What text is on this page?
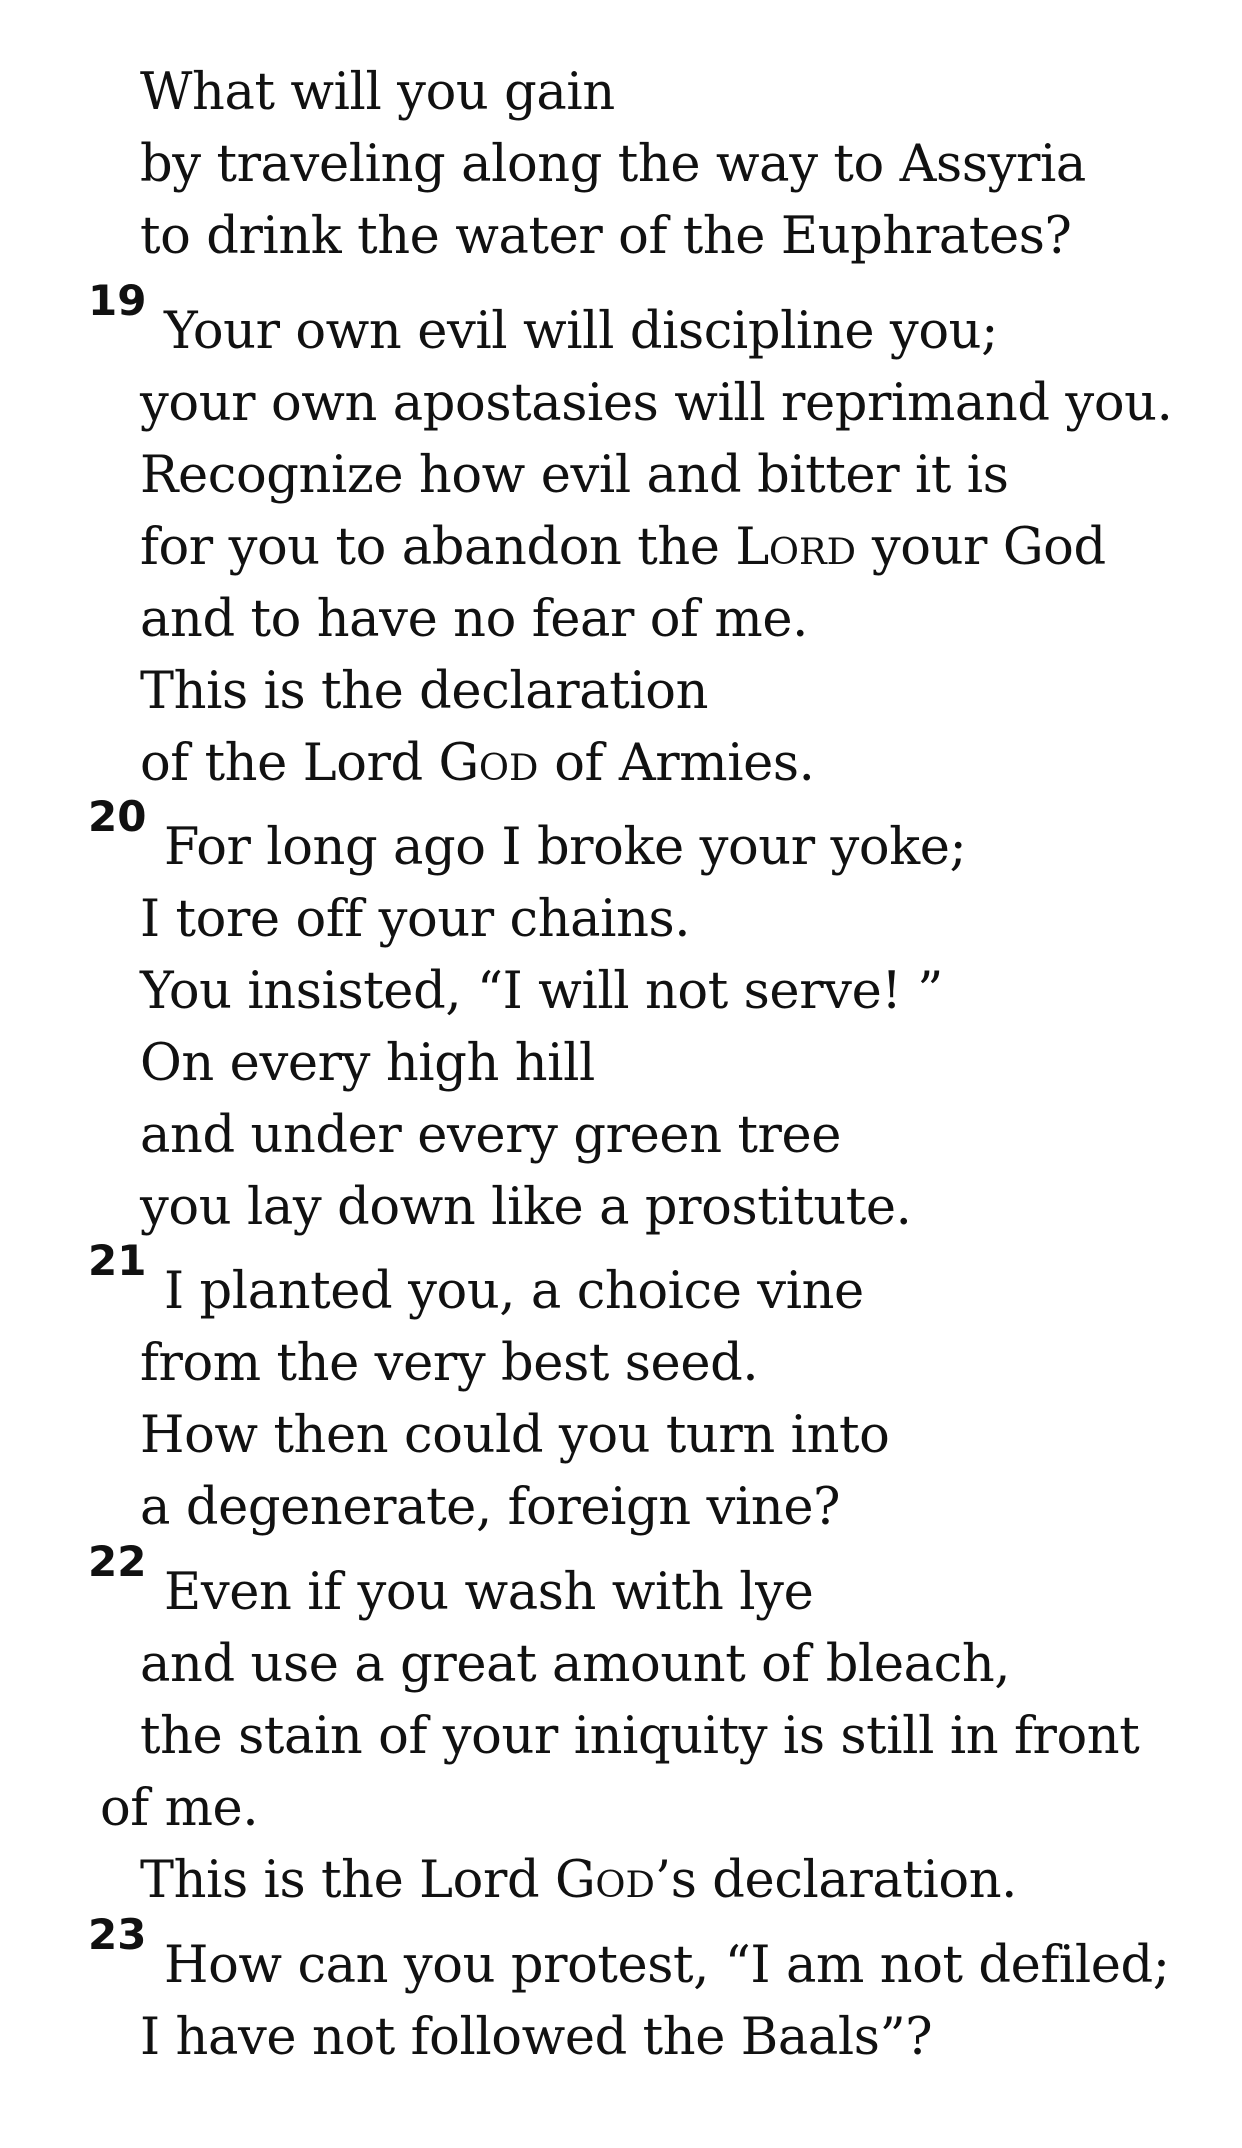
What will you gain
by traveling along the way to Assyria
to drink the water of the Euphrates?
19
Your own evil will discipline you;
your own apostasies will reprimand you.
Recognize how evil and bitter it is
for you to abandon the LORD your God
and to have no fear of me.
This is the declaration
of the Lord GOD of Armies.
20
For long ago I broke your yoke;
I tore off your chains.
You insisted, “I will not serve! ”
On every high hill
and under every green tree
you lay down like a prostitute.
21
I planted you, a choice vine
from the very best seed.
How then could you turn into
a degenerate, foreign vine?
22
Even if you wash with lye
and use a great amount of bleach,
the stain of your iniquity is still in front
of me.
This is the Lord GOD’s declaration.
23
How can you protest, “I am not defiled;
I have not followed the Baals”?
